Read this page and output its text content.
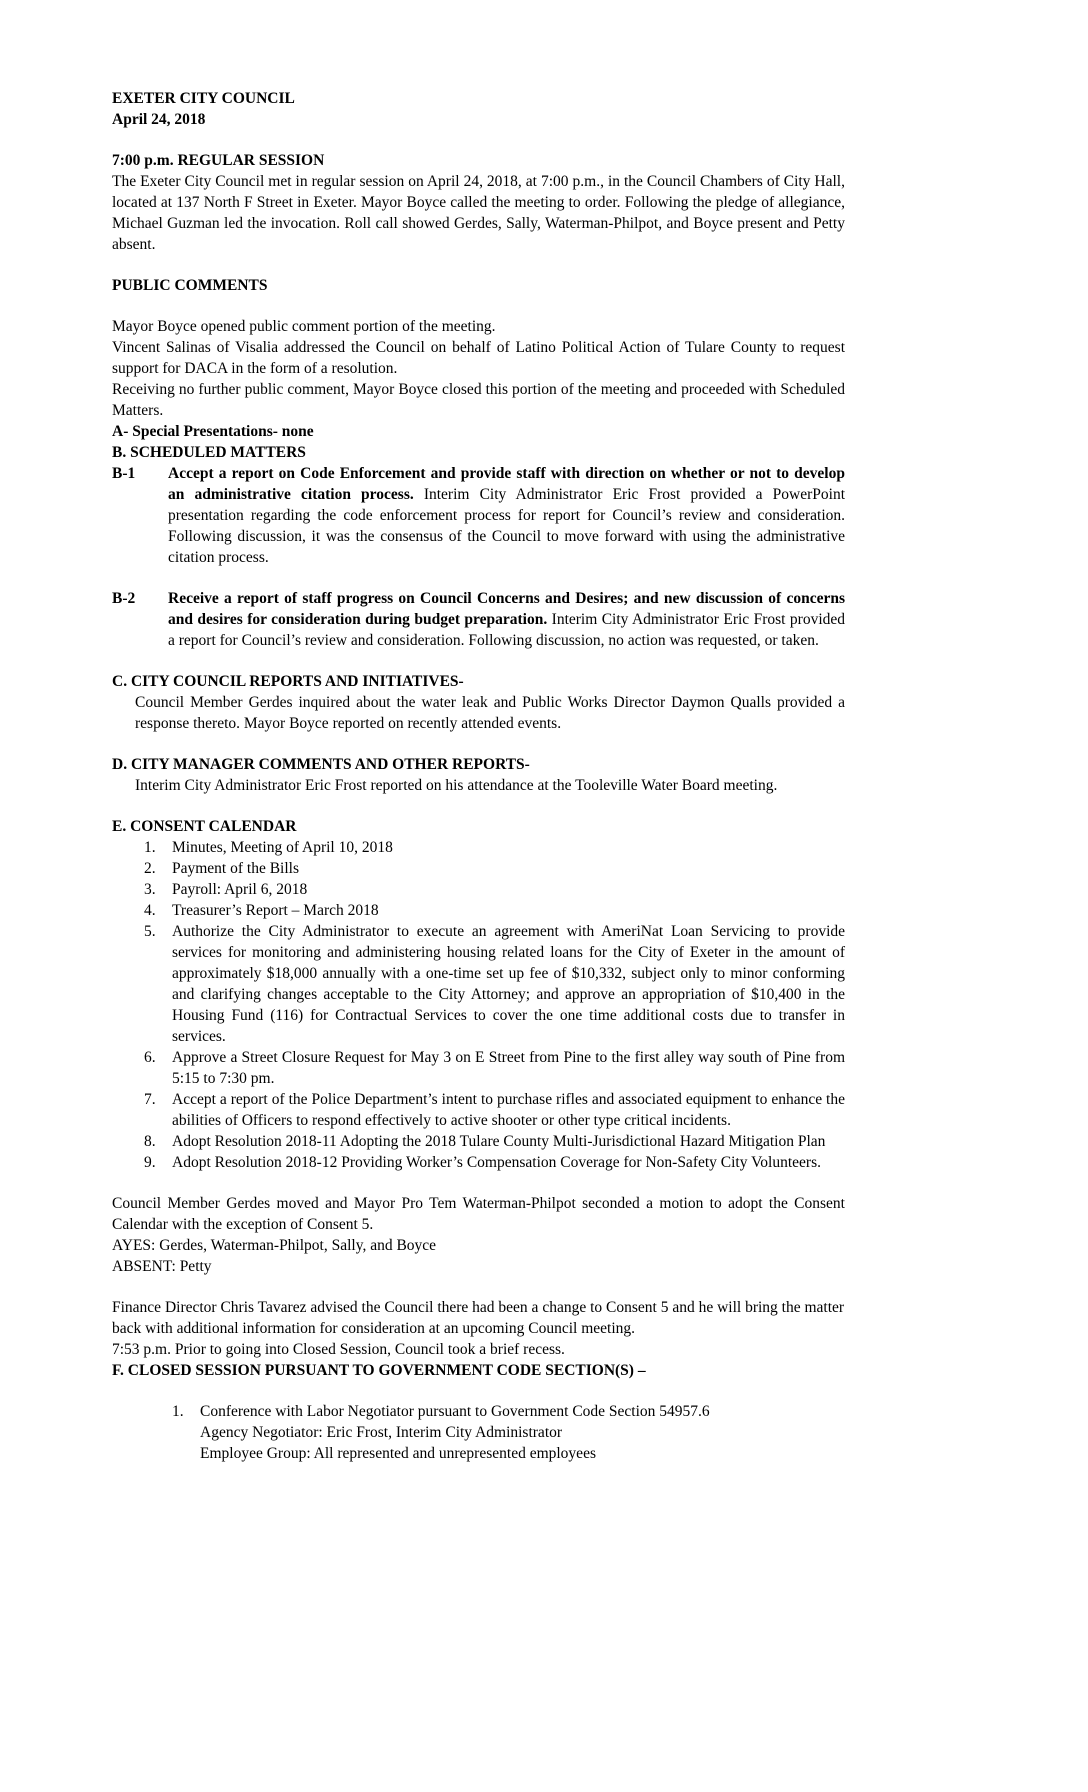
EXETER CITY COUNCIL
April 24, 2018

7:00 p.m. REGULAR SESSION

The Exeter City Council met in regular session on April 24, 2018, at 7:00 p.m., in the Council Chambers of City Hall, located at 137 North F Street in Exeter. Mayor Boyce called the meeting to order. Following the pledge of allegiance, Michael Guzman led the invocation. Roll call showed Gerdes, Sally, Waterman-Philpot, and Boyce present and Petty absent.

PUBLIC COMMENTS

Mayor Boyce opened public comment portion of the meeting.

Vincent Salinas of Visalia addressed the Council on behalf of Latino Political Action of Tulare County to request support for DACA in the form of a resolution.

Receiving no further public comment, Mayor Boyce closed this portion of the meeting and proceeded with Scheduled Matters.

A- Special Presentations- none

B. SCHEDULED MATTERS

B-1	Accept a report on Code Enforcement and provide staff with direction on whether or not to develop an administrative citation process. Interim City Administrator Eric Frost provided a PowerPoint presentation regarding the code enforcement process for report for Council’s review and consideration. Following discussion, it was the consensus of the Council to move forward with using the administrative citation process.
B-2	Receive a report of staff progress on Council Concerns and Desires; and new discussion of concerns and desires for consideration during budget preparation. Interim City Administrator Eric Frost provided a report for Council’s review and consideration. Following discussion, no action was requested, or taken.

C. CITY COUNCIL REPORTS AND INITIATIVES-

Council Member Gerdes inquired about the water leak and Public Works Director Daymon Qualls provided a response thereto. Mayor Boyce reported on recently attended events.

D. CITY MANAGER COMMENTS AND OTHER REPORTS-

Interim City Administrator Eric Frost reported on his attendance at the Tooleville Water Board meeting.

E. CONSENT CALENDAR

1.	Minutes, Meeting of April 10, 2018
2.	Payment of the Bills
3.	Payroll: April 6, 2018
4.	Treasurer’s Report – March 2018
5.	Authorize the City Administrator to execute an agreement with AmeriNat Loan Servicing to provide services for monitoring and administering housing related loans for the City of Exeter in the amount of approximately $18,000 annually with a one-time set up fee of $10,332, subject only to minor conforming and clarifying changes acceptable to the City Attorney; and approve an appropriation of $10,400 in the Housing Fund (116) for Contractual Services to cover the one time additional costs due to transfer in services.
6.	Approve a Street Closure Request for May 3 on E Street from Pine to the first alley way south of Pine from 5:15 to 7:30 pm.
7.	Accept a report of the Police Department’s intent to purchase rifles and associated equipment to enhance the abilities of Officers to respond effectively to active shooter or other type critical incidents.
8.	Adopt Resolution 2018-11 Adopting the 2018 Tulare County Multi-Jurisdictional Hazard Mitigation Plan
9.	Adopt Resolution 2018-12 Providing Worker’s Compensation Coverage for Non-Safety City Volunteers.

Council Member Gerdes moved and Mayor Pro Tem Waterman-Philpot seconded a motion to adopt the Consent Calendar with the exception of Consent 5.

AYES: Gerdes, Waterman-Philpot, Sally, and Boyce

ABSENT: Petty

Finance Director Chris Tavarez advised the Council there had been a change to Consent 5 and he will bring the matter back with additional information for consideration at an upcoming Council meeting.

7:53 p.m. Prior to going into Closed Session, Council took a brief recess.

F. CLOSED SESSION PURSUANT TO GOVERNMENT CODE SECTION(S) –

1.	Conference with Labor Negotiator pursuant to Government Code Section 54957.6
Agency Negotiator: Eric Frost, Interim City Administrator
Employee Group: All represented and unrepresented employees
